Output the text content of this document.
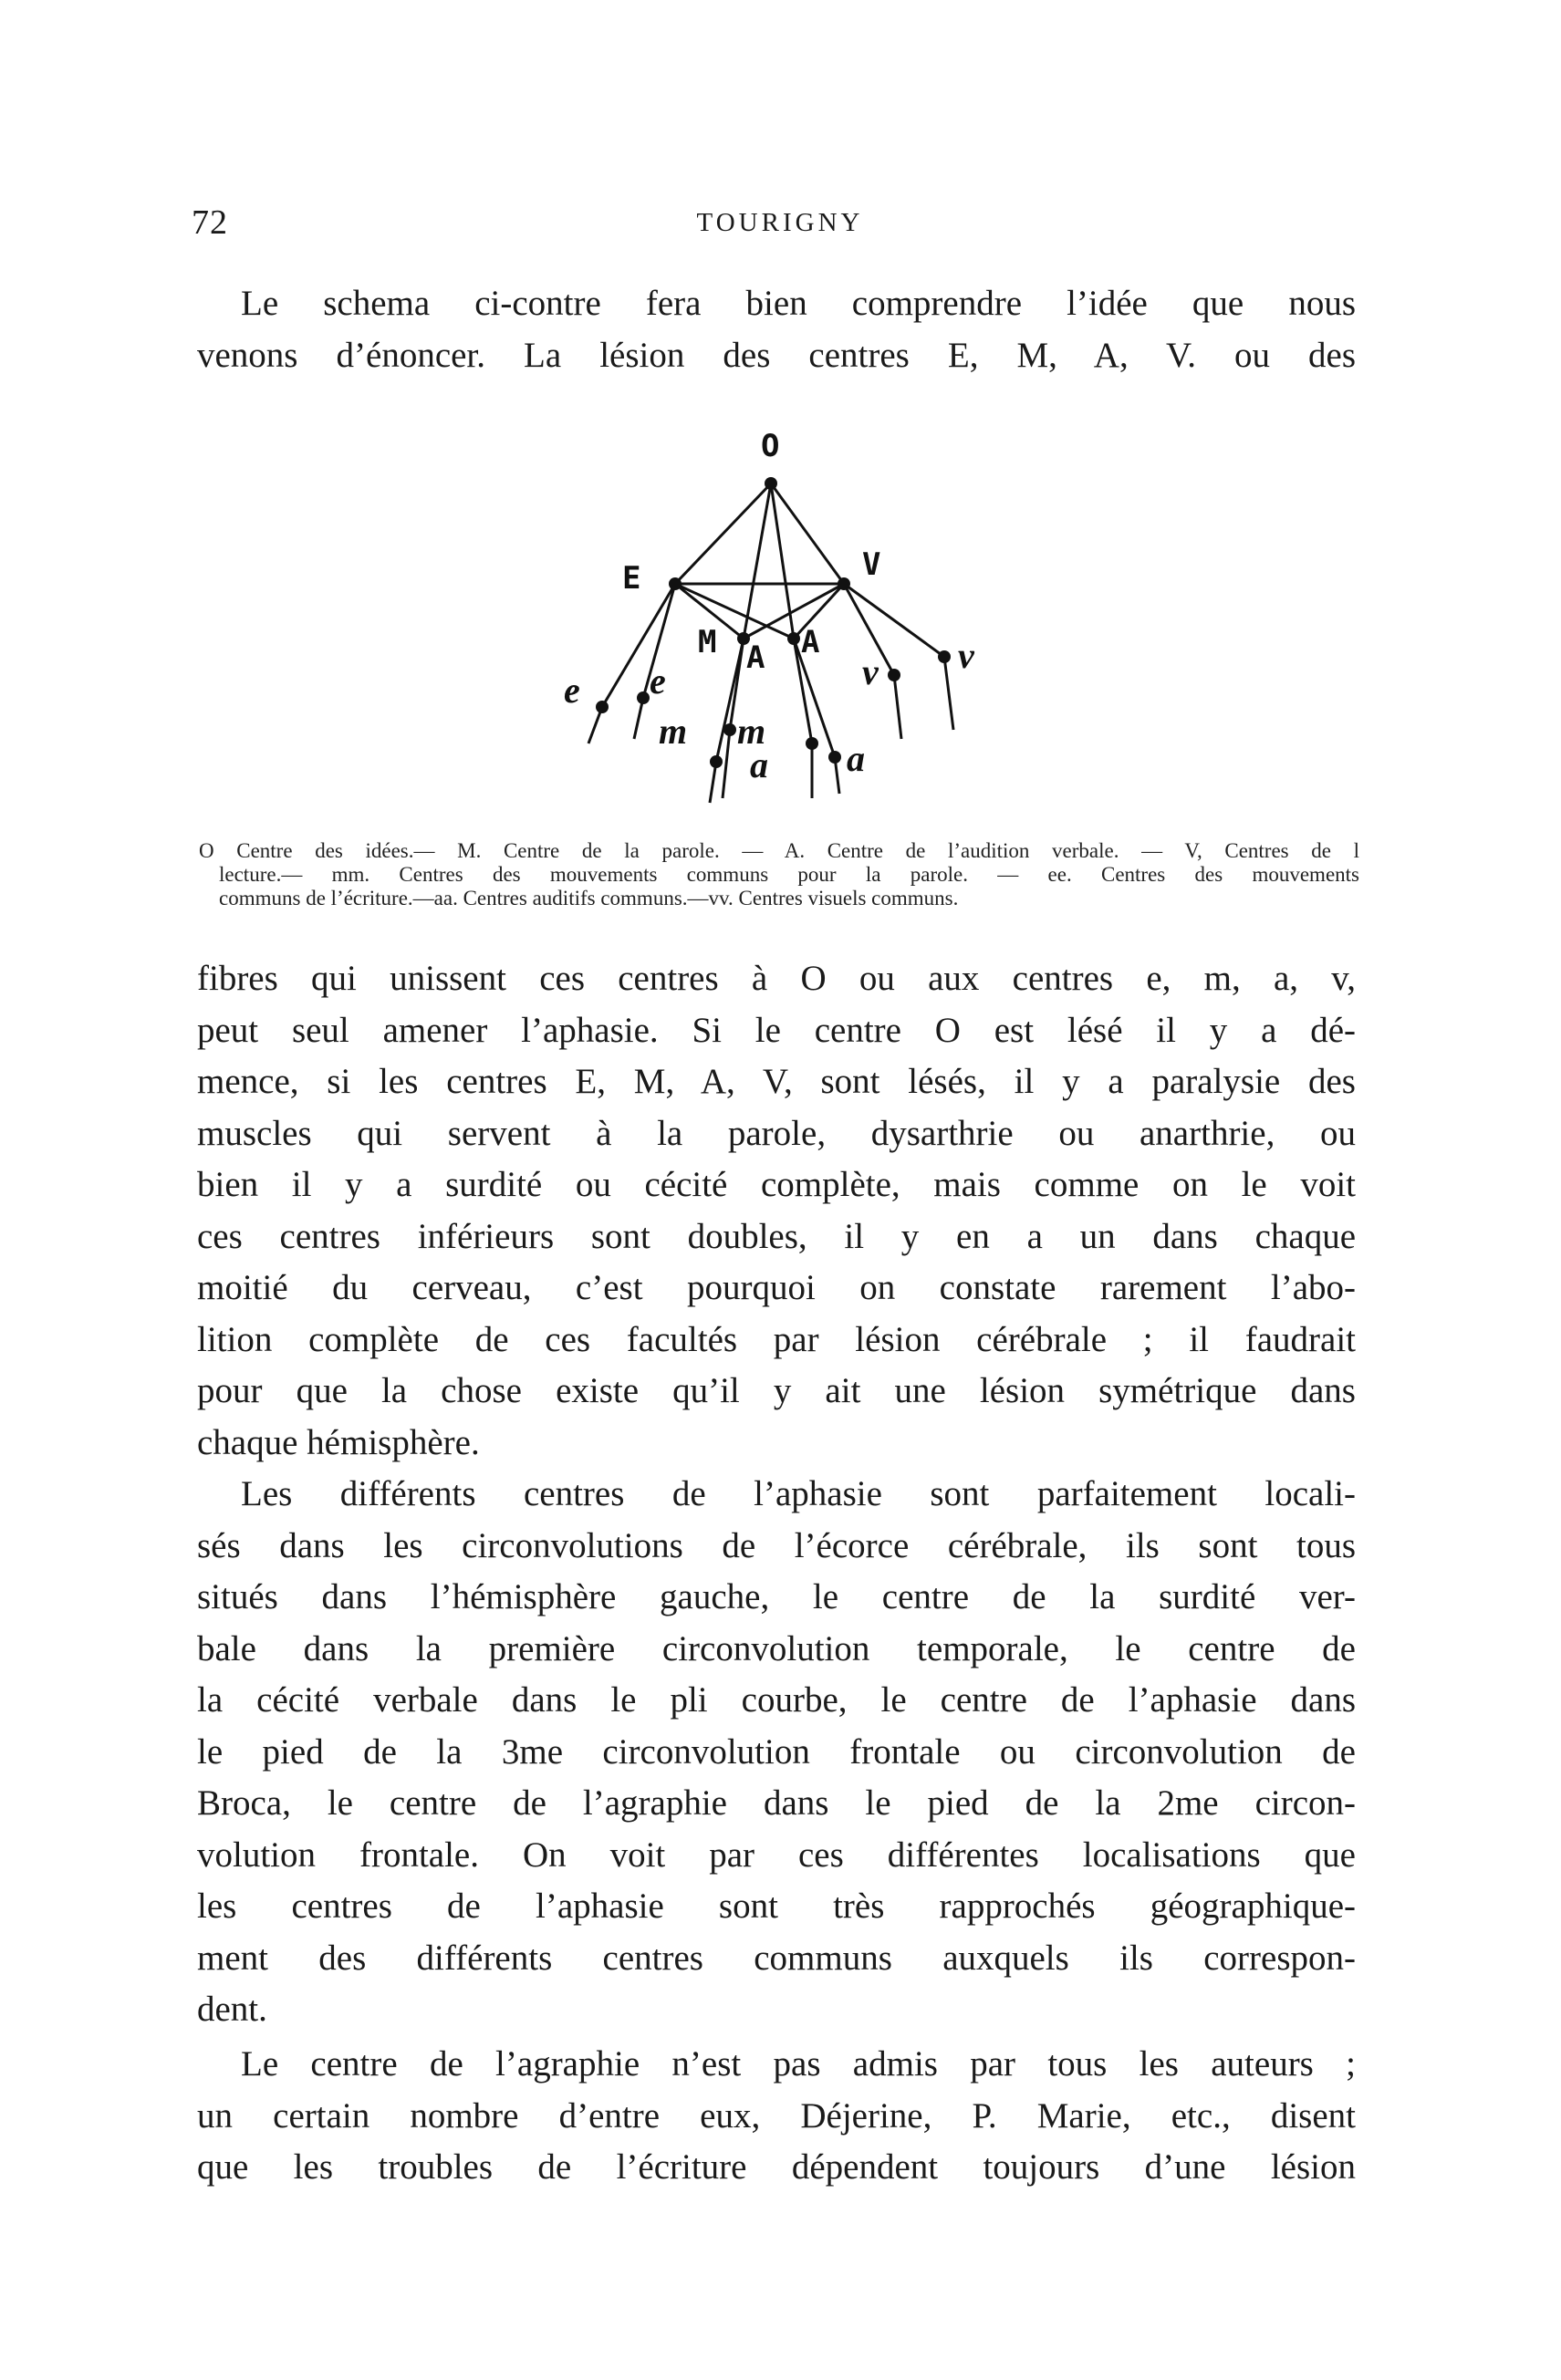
72	TOURIGNY

Le schema ci-contre fera bien comprendre l’idée que nous
venons d’énoncer. La lésion des centres E, M, A, V. ou des

O
E	V
M A A
e e
m m
a a
v v
O Centre des idées.— M. Centre de la parole. — A. Centre de l’audition verbale. — V, Centres de l
lecture.— mm. Centres des mouvements communs pour la parole. — ee. Centres des mouvements
communs de l’écriture.—aa. Centres auditifs communs.—vv. Centres visuels communs.

fibres qui unissent ces centres à O ou aux centres e, m, a, v,
peut seul amener l’aphasie. Si le centre O est lésé il y a dé-
mence, si les centres E, M, A, V, sont lésés, il y a paralysie des
muscles qui servent à la parole, dysarthrie ou anarthrie, ou
bien il y a surdité ou cécité complète, mais comme on le voit
ces centres inférieurs sont doubles, il y en a un dans chaque
moitié du cerveau, c’est pourquoi on constate rarement l’abo-
lition complète de ces facultés par lésion cérébrale ; il faudrait
pour que la chose existe qu’il y ait une lésion symétrique dans
chaque hémisphère.

Les différents centres de l’aphasie sont parfaitement locali-
sés dans les circonvolutions de l’écorce cérébrale, ils sont tous
situés dans l’hémisphère gauche, le centre de la surdité ver-
bale dans la première circonvolution temporale, le centre de
la cécité verbale dans le pli courbe, le centre de l’aphasie dans
le pied de la 3me circonvolution frontale ou circonvolution de
Broca, le centre de l’agraphie dans le pied de la 2me circon-
volution frontale. On voit par ces différentes localisations que
les centres de l’aphasie sont très rapprochés géographique-
ment des différents centres communs auxquels ils correspon-
dent.

Le centre de l’agraphie n’est pas admis par tous les auteurs ;
un certain nombre d’entre eux, Déjerine, P. Marie, etc., disent
que les troubles de l’écriture dépendent toujours d’une lésion
